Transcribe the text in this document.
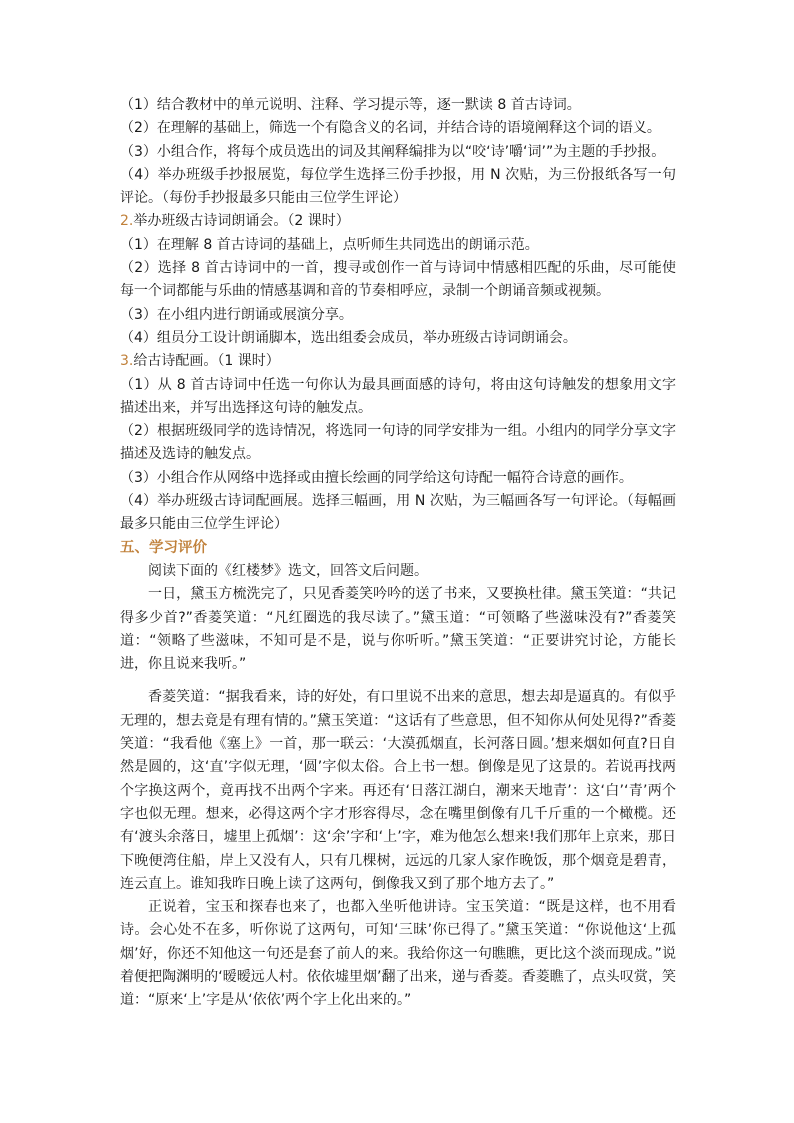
（1）结合教材中的单元说明、注释、学习提示等，逐一默读 8 首古诗词。

（2）在理解的基础上，筛选一个有隐含义的名词，并结合诗的语境阐释这个词的语义。

（3）小组合作，将每个成员选出的词及其阐释编排为以“咬‘诗’嚼‘词’”为主题的手抄报。

（4）举办班级手抄报展览，每位学生选择三份手抄报，用 N 次贴，为三份报纸各写一句评论。（每份手抄报最多只能由三位学生评论）

2.举办班级古诗词朗诵会。（2 课时）

（1）在理解 8 首古诗词的基础上，点听师生共同选出的朗诵示范。

（2）选择 8 首古诗词中的一首，搜寻或创作一首与诗词中情感相匹配的乐曲，尽可能使每一个词都能与乐曲的情感基调和音的节奏相呼应，录制一个朗诵音频或视频。

（3）在小组内进行朗诵或展演分享。

（4）组员分工设计朗诵脚本，选出组委会成员，举办班级古诗词朗诵会。

3.给古诗配画。（1 课时）

（1）从 8 首古诗词中任选一句你认为最具画面感的诗句，将由这句诗触发的想象用文字描述出来，并写出选择这句诗的触发点。

（2）根据班级同学的选诗情况，将选同一句诗的同学安排为一组。小组内的同学分享文字描述及选诗的触发点。

（3）小组合作从网络中选择或由擅长绘画的同学给这句诗配一幅符合诗意的画作。

（4）举办班级古诗词配画展。选择三幅画，用 N 次贴，为三幅画各写一句评论。（每幅画最多只能由三位学生评论）

五、学习评价

阅读下面的《红楼梦》选文，回答文后问题。

一日，黛玉方梳洗完了，只见香菱笑吟吟的送了书来，又要换杜律。黛玉笑道：“共记得多少首?”香菱笑道：“凡红圈选的我尽读了。”黛玉道：“可领略了些滋味没有?”香菱笑道：“领略了些滋味，不知可是不是，说与你听听。”黛玉笑道：“正要讲究讨论，方能长进，你且说来我听。”

香菱笑道：“据我看来，诗的好处，有口里说不出来的意思，想去却是逼真的。有似乎无理的，想去竟是有理有情的。”黛玉笑道：“这话有了些意思，但不知你从何处见得?”香菱笑道：“我看他《塞上》一首，那一联云：‘大漠孤烟直，长河落日圆。’想来烟如何直?日自然是圆的，这‘直’字似无理，‘圆’字似太俗。合上书一想。倒像是见了这景的。若说再找两个字换这两个，竟再找不出两个字来。再还有‘日落江湖白，潮来天地青’：这‘白’‘青’两个字也似无理。想来，必得这两个字才形容得尽，念在嘴里倒像有几千斤重的一个橄榄。还有‘渡头余落日，墟里上孤烟’：这‘余’字和‘上’字，难为他怎么想来!我们那年上京来，那日下晚便湾住船，岸上又没有人，只有几棵树，远远的几家人家作晚饭，那个烟竟是碧青，连云直上。谁知我昨日晚上读了这两句，倒像我又到了那个地方去了。”

正说着，宝玉和探春也来了，也都入坐听他讲诗。宝玉笑道：“既是这样，也不用看诗。会心处不在多，听你说了这两句，可知‘三昧’你已得了。”黛玉笑道：“你说他这‘上孤烟’好，你还不知他这一句还是套了前人的来。我给你这一句瞧瞧，更比这个淡而现成。”说着便把陶渊明的‘暧暧远人村。依依墟里烟’翻了出来，递与香菱。香菱瞧了，点头叹赏，笑道：“原来‘上’字是从‘依依’两个字上化出来的。”
